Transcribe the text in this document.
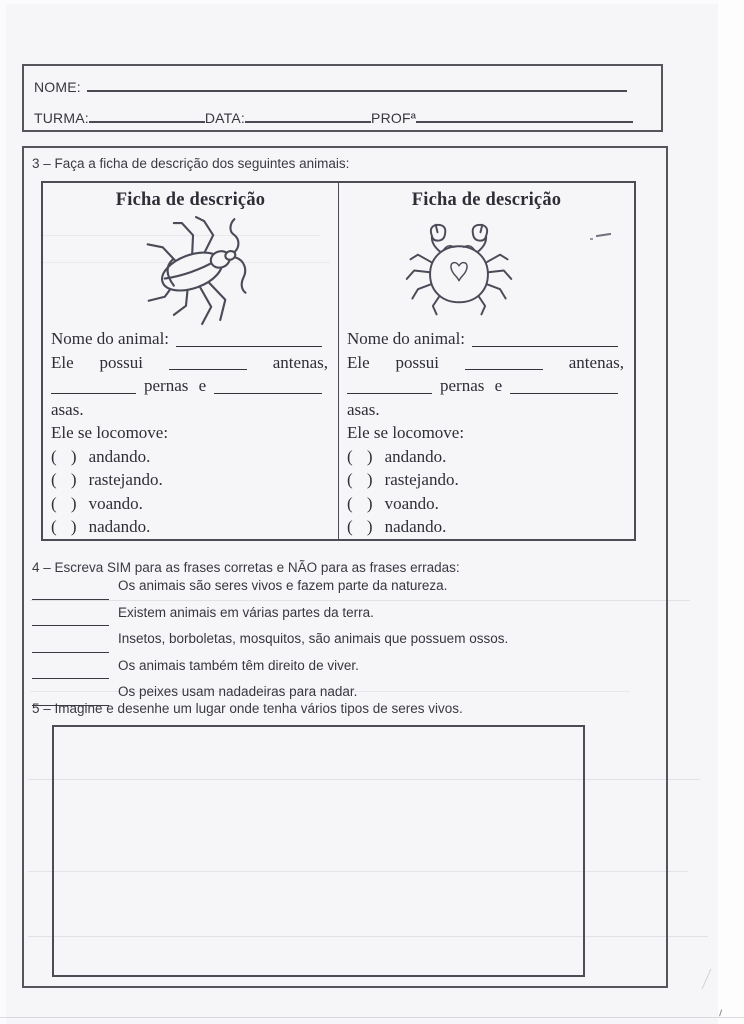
NOME:
TURMA:	DATA:	PROFª
3 – Faça a ficha de descrição dos seguintes animais:
Ficha de descrição
Nome do animal:
Ele possui	antenas,
pernas e
asas.
Ele se locomove:
( ) andando.
( ) rastejando.
( ) voando.
( ) nadando.
Ficha de descrição
Nome do animal:
Ele possui	antenas,
pernas e
asas.
Ele se locomove:
( ) andando.
( ) rastejando.
( ) voando.
( ) nadando.
4 – Escreva SIM para as frases corretas e NÃO para as frases erradas:
Os animais são seres vivos e fazem parte da natureza.
Existem animais em várias partes da terra.
Insetos, borboletas, mosquitos, são animais que possuem ossos.
Os animais também têm direito de viver.
Os peixes usam nadadeiras para nadar.
5 – Imagine e desenhe um lugar onde tenha vários tipos de seres vivos.
